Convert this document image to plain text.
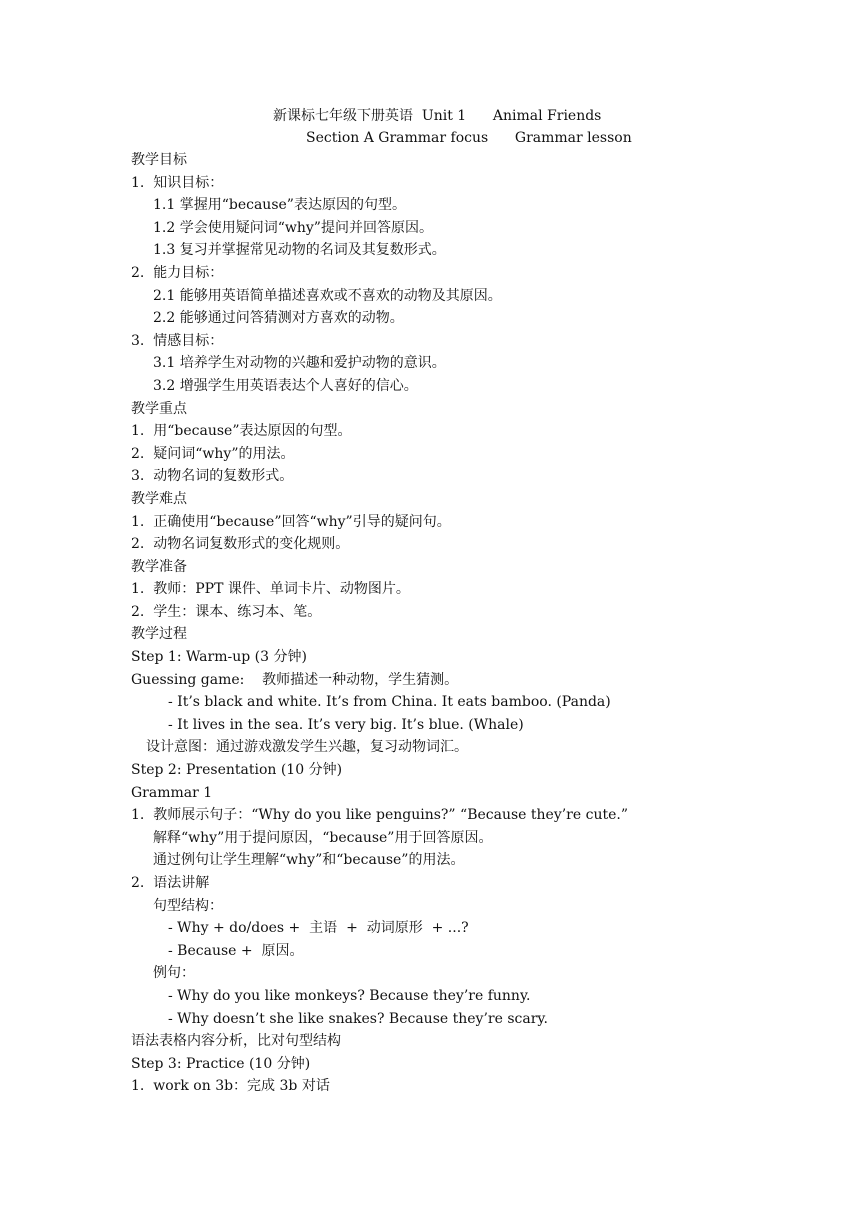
新课标七年级下册英语  Unit 1      Animal Friends
Section A Grammar focus      Grammar lesson
教学目标
1.  知识目标：
1.1 掌握用“because”表达原因的句型。
1.2 学会使用疑问词“why”提问并回答原因。
1.3 复习并掌握常见动物的名词及其复数形式。
2.  能力目标：
2.1 能够用英语简单描述喜欢或不喜欢的动物及其原因。
2.2 能够通过问答猜测对方喜欢的动物。
3.  情感目标：
3.1 培养学生对动物的兴趣和爱护动物的意识。
3.2 增强学生用英语表达个人喜好的信心。
教学重点
1.  用“because”表达原因的句型。
2.  疑问词“why”的用法。
3.  动物名词的复数形式。
教学难点
1.  正确使用“because”回答“why”引导的疑问句。
2.  动物名词复数形式的变化规则。
教学准备
1.  教师：PPT 课件、单词卡片、动物图片。
2.  学生：课本、练习本、笔。
教学过程
Step 1: Warm-up (3 分钟)
Guessing game:    教师描述一种动物，学生猜测。
- It’s black and white. It’s from China. It eats bamboo. (Panda)
- It lives in the sea. It’s very big. It’s blue. (Whale)
设计意图：通过游戏激发学生兴趣，复习动物词汇。
Step 2: Presentation (10 分钟)
Grammar 1
1.  教师展示句子：“Why do you like penguins?” “Because they’re cute.”
解释“why”用于提问原因，“because”用于回答原因。
通过例句让学生理解“why”和“because”的用法。
2.  语法讲解
句型结构：
- Why + do/does +  主语  +  动词原形  + ...?
- Because +  原因。
例句：
- Why do you like monkeys? Because they’re funny.
- Why doesn’t she like snakes? Because they’re scary.
语法表格内容分析，比对句型结构
Step 3: Practice (10 分钟)
1.  work on 3b：完成 3b 对话
